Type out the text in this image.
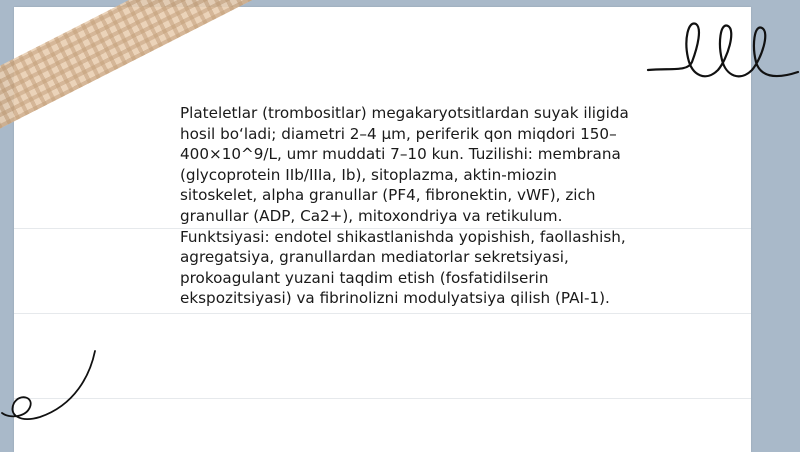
Plateletlar (trombositlar) megakaryotsitlardan suyak iligida hosil bo‘ladi; diametri 2–4 µm, periferik qon miqdori 150–400×10^9/L, umr muddati 7–10 kun. Tuzilishi: membrana (glycoprotein IIb/IIIa, Ib), sitoplazma, aktin-miozin sitoskelet, alpha granullar (PF4, fibronektin, vWF), zich granullar (ADP, Ca2+), mitoxondriya va retikulum. Funktsiyasi: endotel shikastlanishda yopishish, faollashish, agregatsiya, granullardan mediatorlar sekretsiyasi, prokoagulant yuzani taqdim etish (fosfatidilserin ekspozitsiyasi) va fibrinolizni modulyatsiya qilish (PAI-1).
